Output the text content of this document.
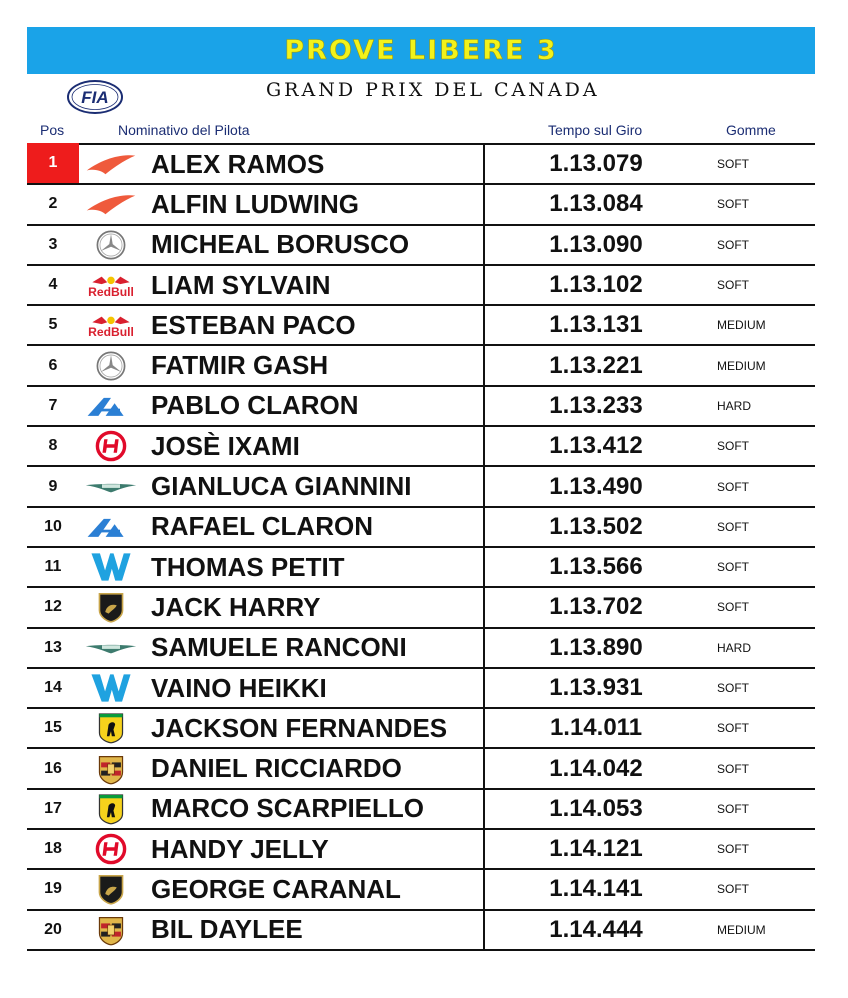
PROVE LIBERE 3
FIA	GRAND PRIX DEL CANADA
Pos	Nominativo del Pilota	Tempo sul Giro	Gomme
1	ALEX RAMOS	1.13.079	SOFT
2	ALFIN LUDWING	1.13.084	SOFT
3	MICHEAL BORUSCO	1.13.090	SOFT
4	LIAM SYLVAIN	1.13.102	SOFT
5	ESTEBAN PACO	1.13.131	MEDIUM
6	FATMIR GASH	1.13.221	MEDIUM
7	PABLO CLARON	1.13.233	HARD
8	JOSÈ IXAMI	1.13.412	SOFT
9	GIANLUCA GIANNINI	1.13.490	SOFT
10	RAFAEL CLARON	1.13.502	SOFT
11	THOMAS PETIT	1.13.566	SOFT
12	JACK HARRY	1.13.702	SOFT
13	SAMUELE RANCONI	1.13.890	HARD
14	VAINO HEIKKI	1.13.931	SOFT
15	JACKSON FERNANDES	1.14.011	SOFT
16	DANIEL RICCIARDO	1.14.042	SOFT
17	MARCO SCARPIELLO	1.14.053	SOFT
18	HANDY JELLY	1.14.121	SOFT
19	GEORGE CARANAL	1.14.141	SOFT
20	BIL DAYLEE	1.14.444	MEDIUM
